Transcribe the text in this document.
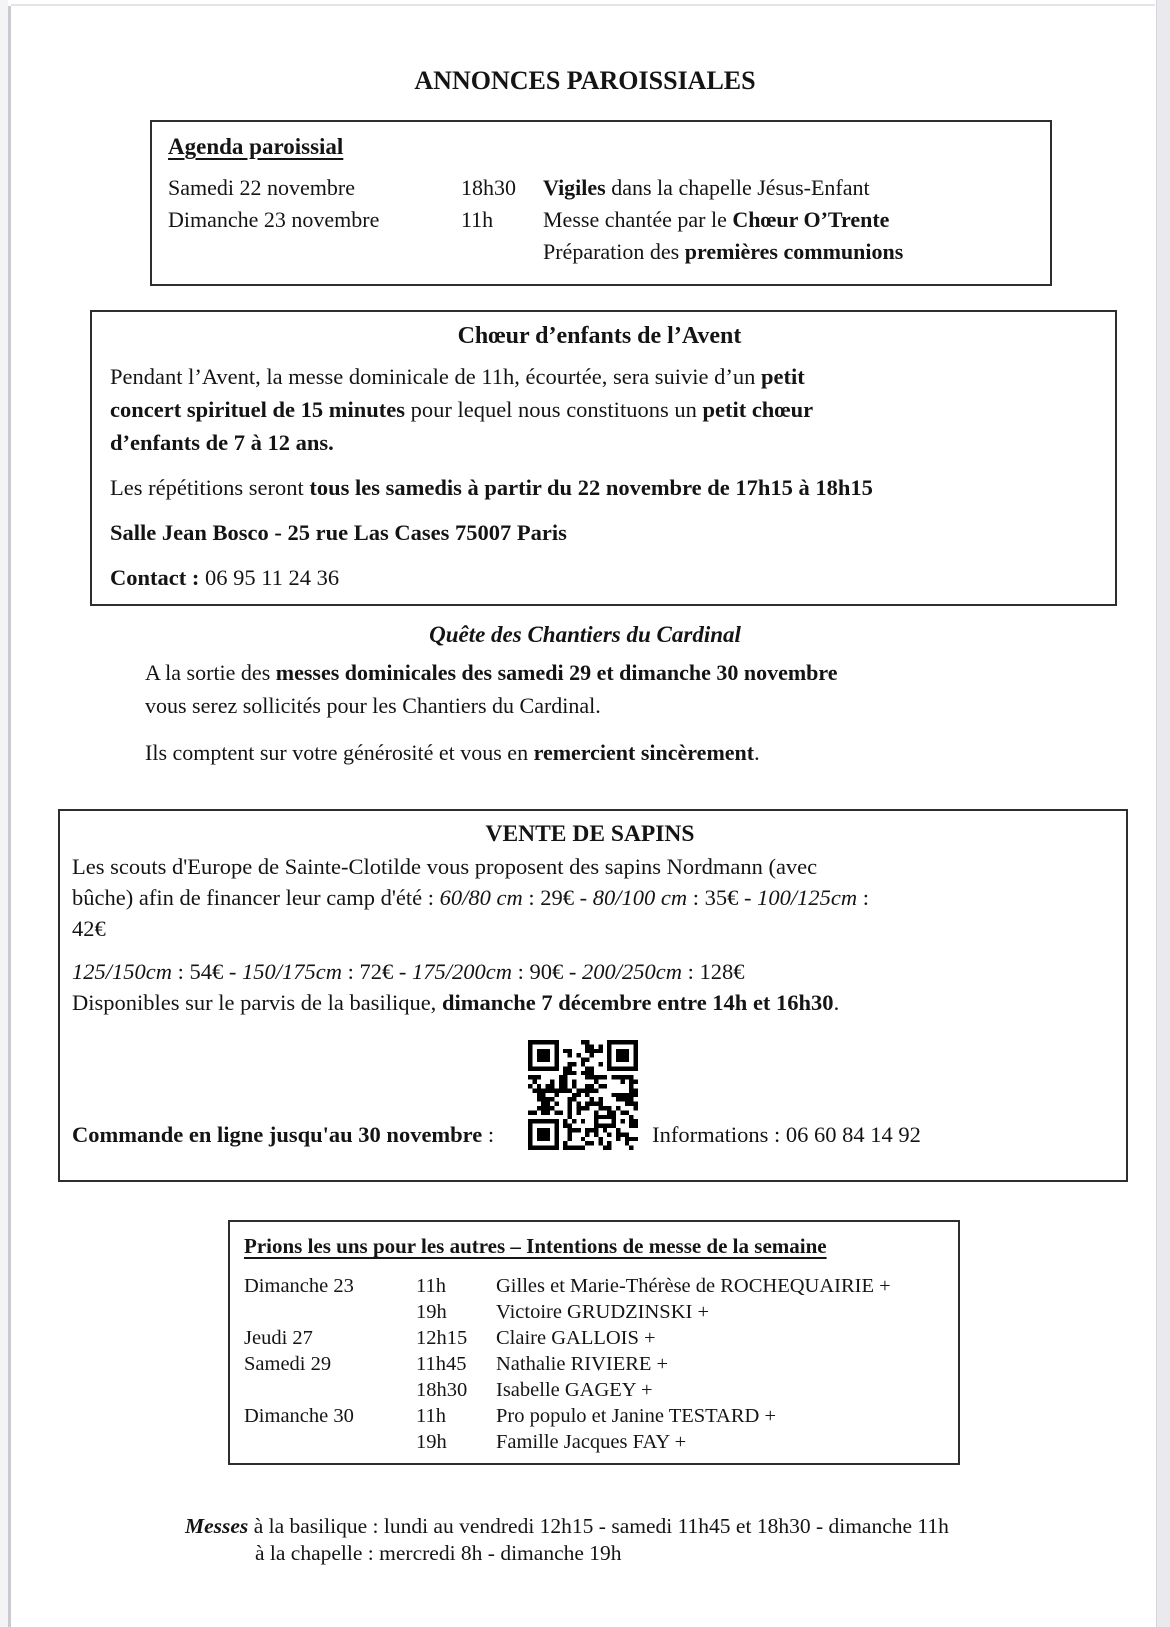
ANNONCES PAROISSIALES
Agenda paroissial
Samedi 22 novembre	18h30	Vigiles dans la chapelle Jésus-Enfant
Dimanche 23 novembre	11h	Messe chantée par le Chœur O’Trente
Préparation des premières communions
Chœur d’enfants de l’Avent

Pendant l’Avent, la messe dominicale de 11h, écourtée, sera suivie d’un petit
concert spirituel de 15 minutes pour lequel nous constituons un petit chœur
d’enfants de 7 à 12 ans.

Les répétitions seront tous les samedis à partir du 22 novembre de 17h15 à 18h15

Salle Jean Bosco - 25 rue Las Cases 75007 Paris

Contact : 06 95 11 24 36

Quête des Chantiers du Cardinal

A la sortie des messes dominicales des samedi 29 et dimanche 30 novembre
vous serez sollicités pour les Chantiers du Cardinal.

Ils comptent sur votre générosité et vous en remercient sincèrement.

VENTE DE SAPINS

Les scouts d'Europe de Sainte-Clotilde vous proposent des sapins Nordmann (avec
bûche) afin de financer leur camp d'été : 60/80 cm : 29€ - 80/100 cm : 35€ - 100/125cm :
42€

125/150cm : 54€ - 150/175cm : 72€ - 175/200cm : 90€ - 200/250cm : 128€

Disponibles sur le parvis de la basilique, dimanche 7 décembre entre 14h et 16h30.

Commande en ligne jusqu'au 30 novembre :	Informations : 06 60 84 14 92
Prions les uns pour les autres – Intentions de messe de la semaine
Dimanche 23	11h	Gilles et Marie-Thérèse de ROCHEQUAIRIE +
19h	Victoire GRUDZINSKI +
Jeudi 27	12h15	Claire GALLOIS +
Samedi 29	11h45	Nathalie RIVIERE +
18h30	Isabelle GAGEY +
Dimanche 30	11h	Pro populo et Janine TESTARD +
19h	Famille Jacques FAY +
Messes à la basilique : lundi au vendredi 12h15 - samedi 11h45 et 18h30 - dimanche 11h
à la chapelle : mercredi 8h - dimanche 19h
